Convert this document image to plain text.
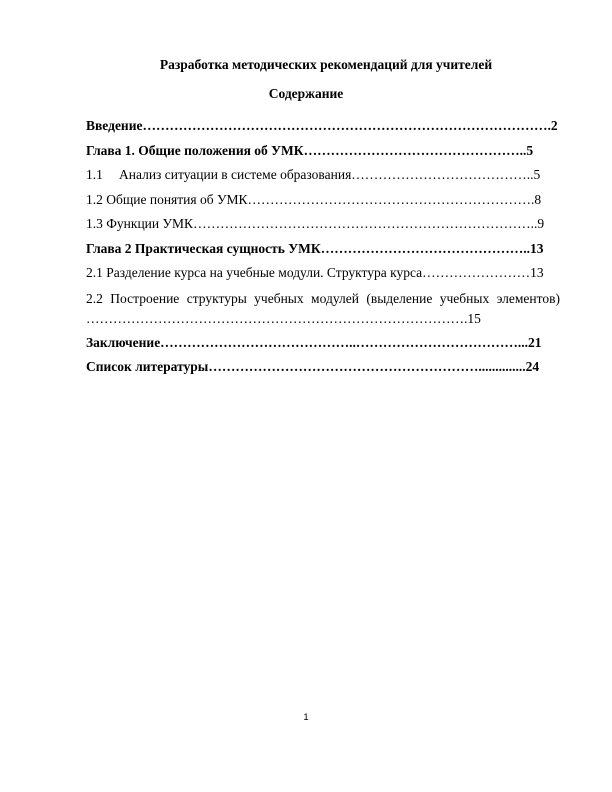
Разработка методических рекомендаций для учителей
Содержание
Введение……………………………………………………………………………….2
Глава 1. Общие положения об УМК…………………………………………..5
1.1 Анализ ситуации в системе образования…………………………………..5
1.2 Общие понятия об УМК……………………………………………………….8
1.3 Функции УМК…………………………………………………………………..9
Глава 2 Практическая сущность УМК………………………………………..13
2.1 Разделение курса на учебные модули. Структура курса……………………13
2.2 Построение структуры учебных модулей (выделение учебных элементов)
………………………………………………………………………….15
Заключение……………………………………..………………………………...21
Список литературы……………………………………………………..............24
1
